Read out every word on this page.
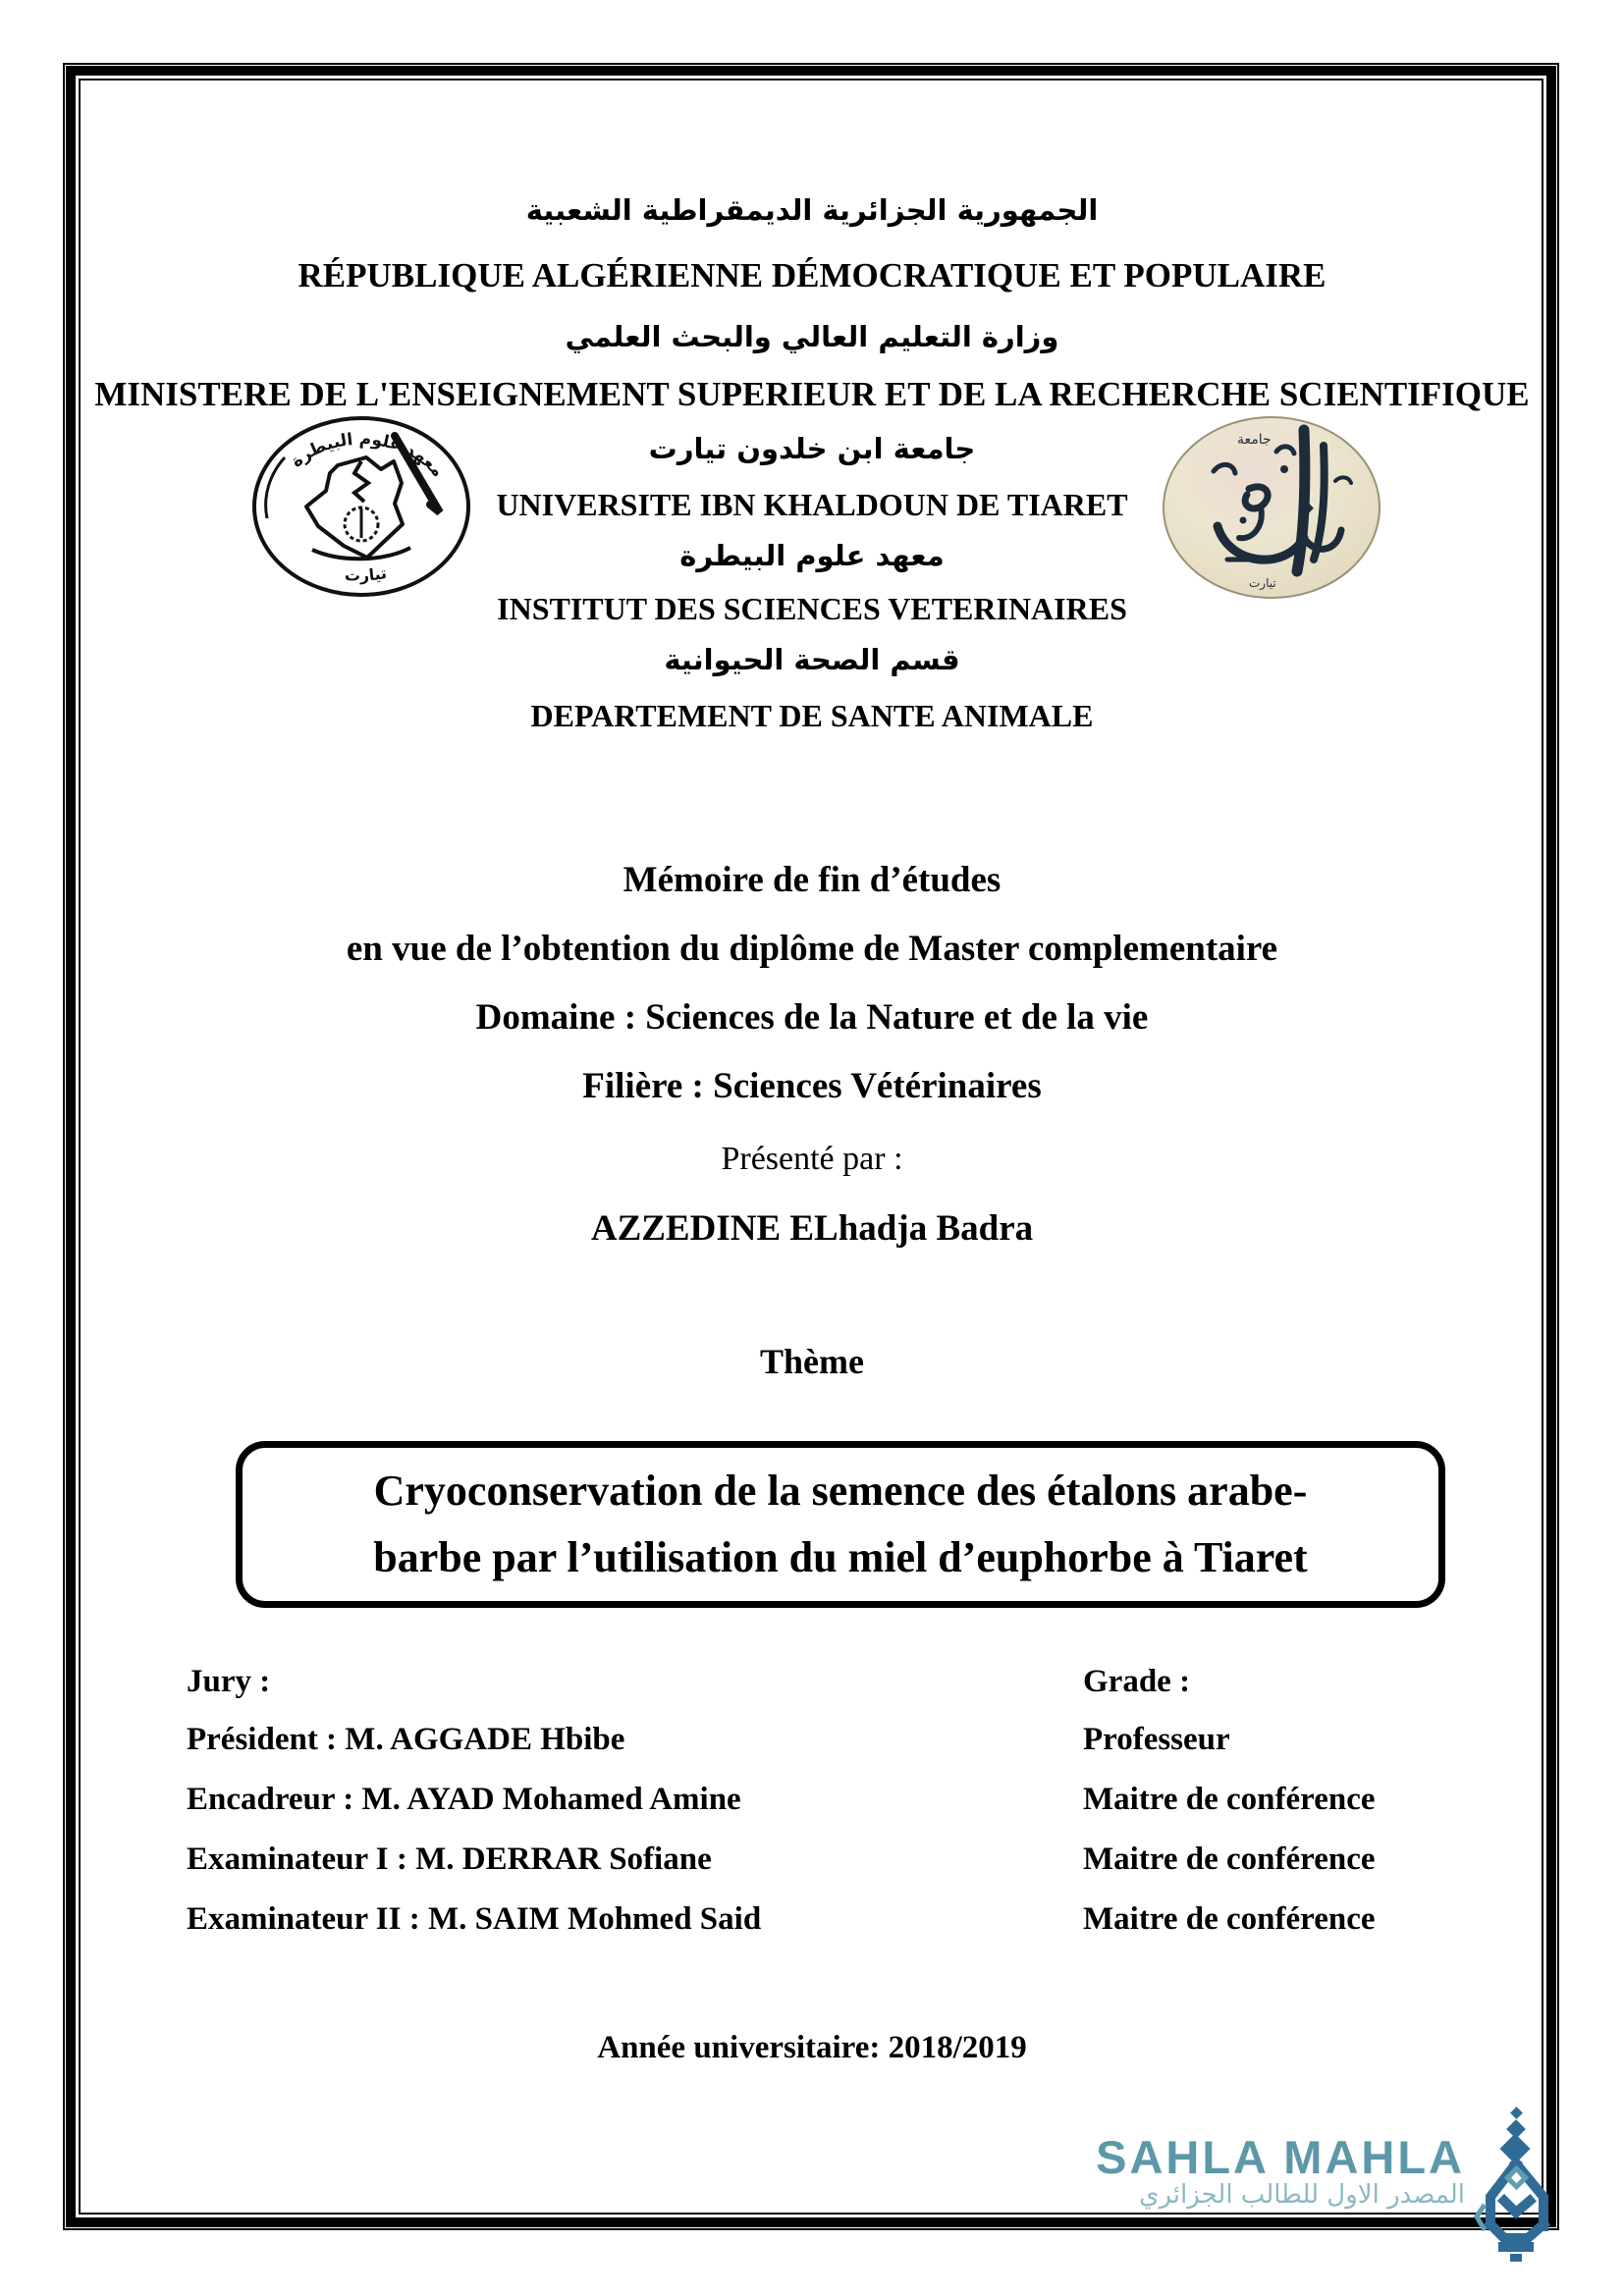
الجمهورية الجزائرية الديمقراطية الشعبية
RÉPUBLIQUE ALGÉRIENNE DÉMOCRATIQUE ET POPULAIRE
وزارة التعليم العالي والبحث العلمي
MINISTERE DE L'ENSEIGNEMENT SUPERIEUR ET DE LA RECHERCHE SCIENTIFIQUE
جامعة ابن خلدون تيارت
UNIVERSITE IBN KHALDOUN DE TIARET
معهد علوم البيطرة
INSTITUT DES SCIENCES VETERINAIRES
قسم الصحة الحيوانية
DEPARTEMENT DE SANTE ANIMALE
معهد علوم البيطرة
تيارت
جامعة
تيارت
Mémoire de fin d’études
en vue de l’obtention du diplôme de Master complementaire
Domaine : Sciences de la Nature et de la vie
Filière : Sciences Vétérinaires
Présenté par :
AZZEDINE ELhadja Badra
Thème
Cryoconservation de la semence des étalons arabe-
barbe par l’utilisation du miel d’euphorbe à Tiaret
Jury :	Grade :
Président : M. AGGADE Hbibe	Professeur
Encadreur : M. AYAD Mohamed Amine	Maitre de conférence
Examinateur I : M. DERRAR Sofiane	Maitre de conférence
Examinateur II : M. SAIM Mohmed Said	Maitre de conférence
Année universitaire: 2018/2019
SAHLA MAHLA
المصدر الاول للطالب الجزائري
